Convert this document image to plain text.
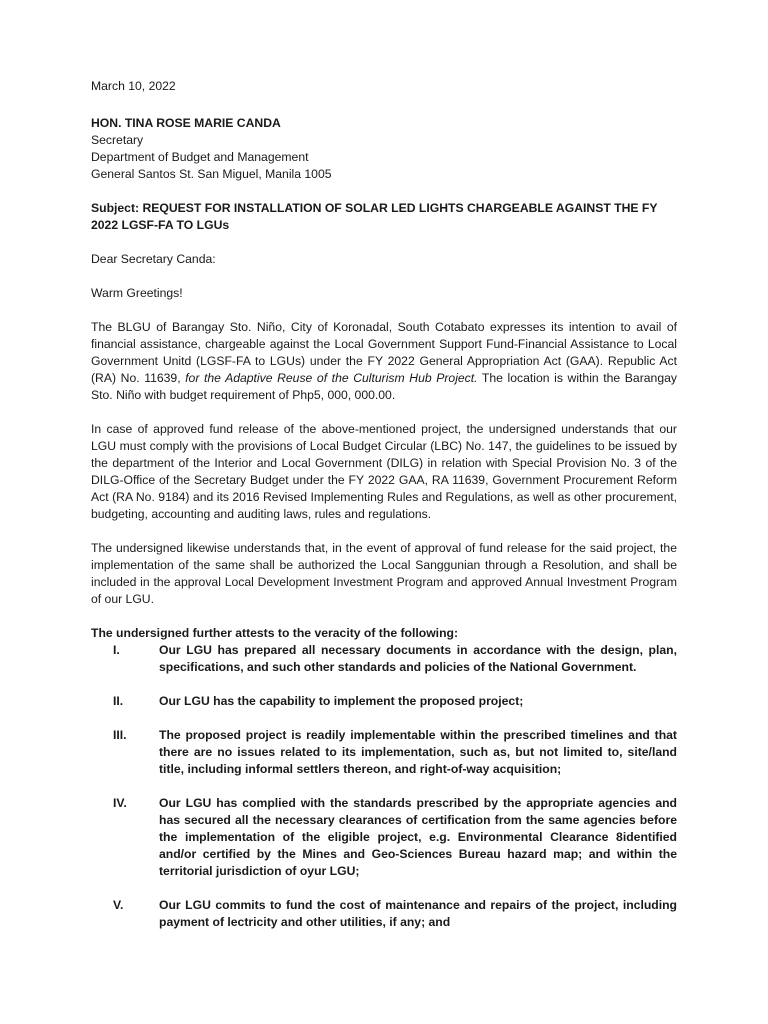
March 10, 2022

HON. TINA ROSE MARIE CANDA

Secretary

Department of Budget and Management

General Santos St. San Miguel, Manila 1005

Subject: REQUEST FOR INSTALLATION OF SOLAR LED LIGHTS CHARGEABLE AGAINST THE FY 2022 LGSF-FA TO LGUs

Dear Secretary Canda:

Warm Greetings!

The BLGU of Barangay Sto. Niño, City of Koronadal, South Cotabato expresses its intention to avail of financial assistance, chargeable against the Local Government Support Fund-Financial Assistance to Local Government Unitd (LGSF-FA to LGUs) under the FY 2022 General Appropriation Act (GAA). Republic Act (RA) No. 11639, for the Adaptive Reuse of the Culturism Hub Project. The location is within the Barangay Sto. Niño with budget requirement of Php5, 000, 000.00.

In case of approved fund release of the above-mentioned project, the undersigned understands that our LGU must comply with the provisions of Local Budget Circular (LBC) No. 147, the guidelines to be issued by the department of the Interior and Local Government (DILG) in relation with Special Provision No. 3 of the DILG-Office of the Secretary Budget under the FY 2022 GAA, RA 11639, Government Procurement Reform Act (RA No. 9184) and its 2016 Revised Implementing Rules and Regulations, as well as other procurement, budgeting, accounting and auditing laws, rules and regulations.

The undersigned likewise understands that, in the event of approval of fund release for the said project, the implementation of the same shall be authorized the Local Sanggunian through a Resolution, and shall be included in the approval Local Development Investment Program and approved Annual Investment Program of our LGU.

The undersigned further attests to the veracity of the following:

I.	Our LGU has prepared all necessary documents in accordance with the design, plan, specifications, and such other standards and policies of the National Government.
II.	Our LGU has the capability to implement the proposed project;
III.	The proposed project is readily implementable within the prescribed timelines and that there are no issues related to its implementation, such as, but not limited to, site/land title, including informal settlers thereon, and right-of-way acquisition;
IV.	Our LGU has complied with the standards prescribed by the appropriate agencies and has secured all the necessary clearances of certification from the same agencies before the implementation of the eligible project, e.g. Environmental Clearance 8identified and/or certified by the Mines and Geo-Sciences Bureau hazard map; and within the territorial jurisdiction of oyur LGU;
V.	Our LGU commits to fund the cost of maintenance and repairs of the project, including payment of lectricity and other utilities, if any; and
